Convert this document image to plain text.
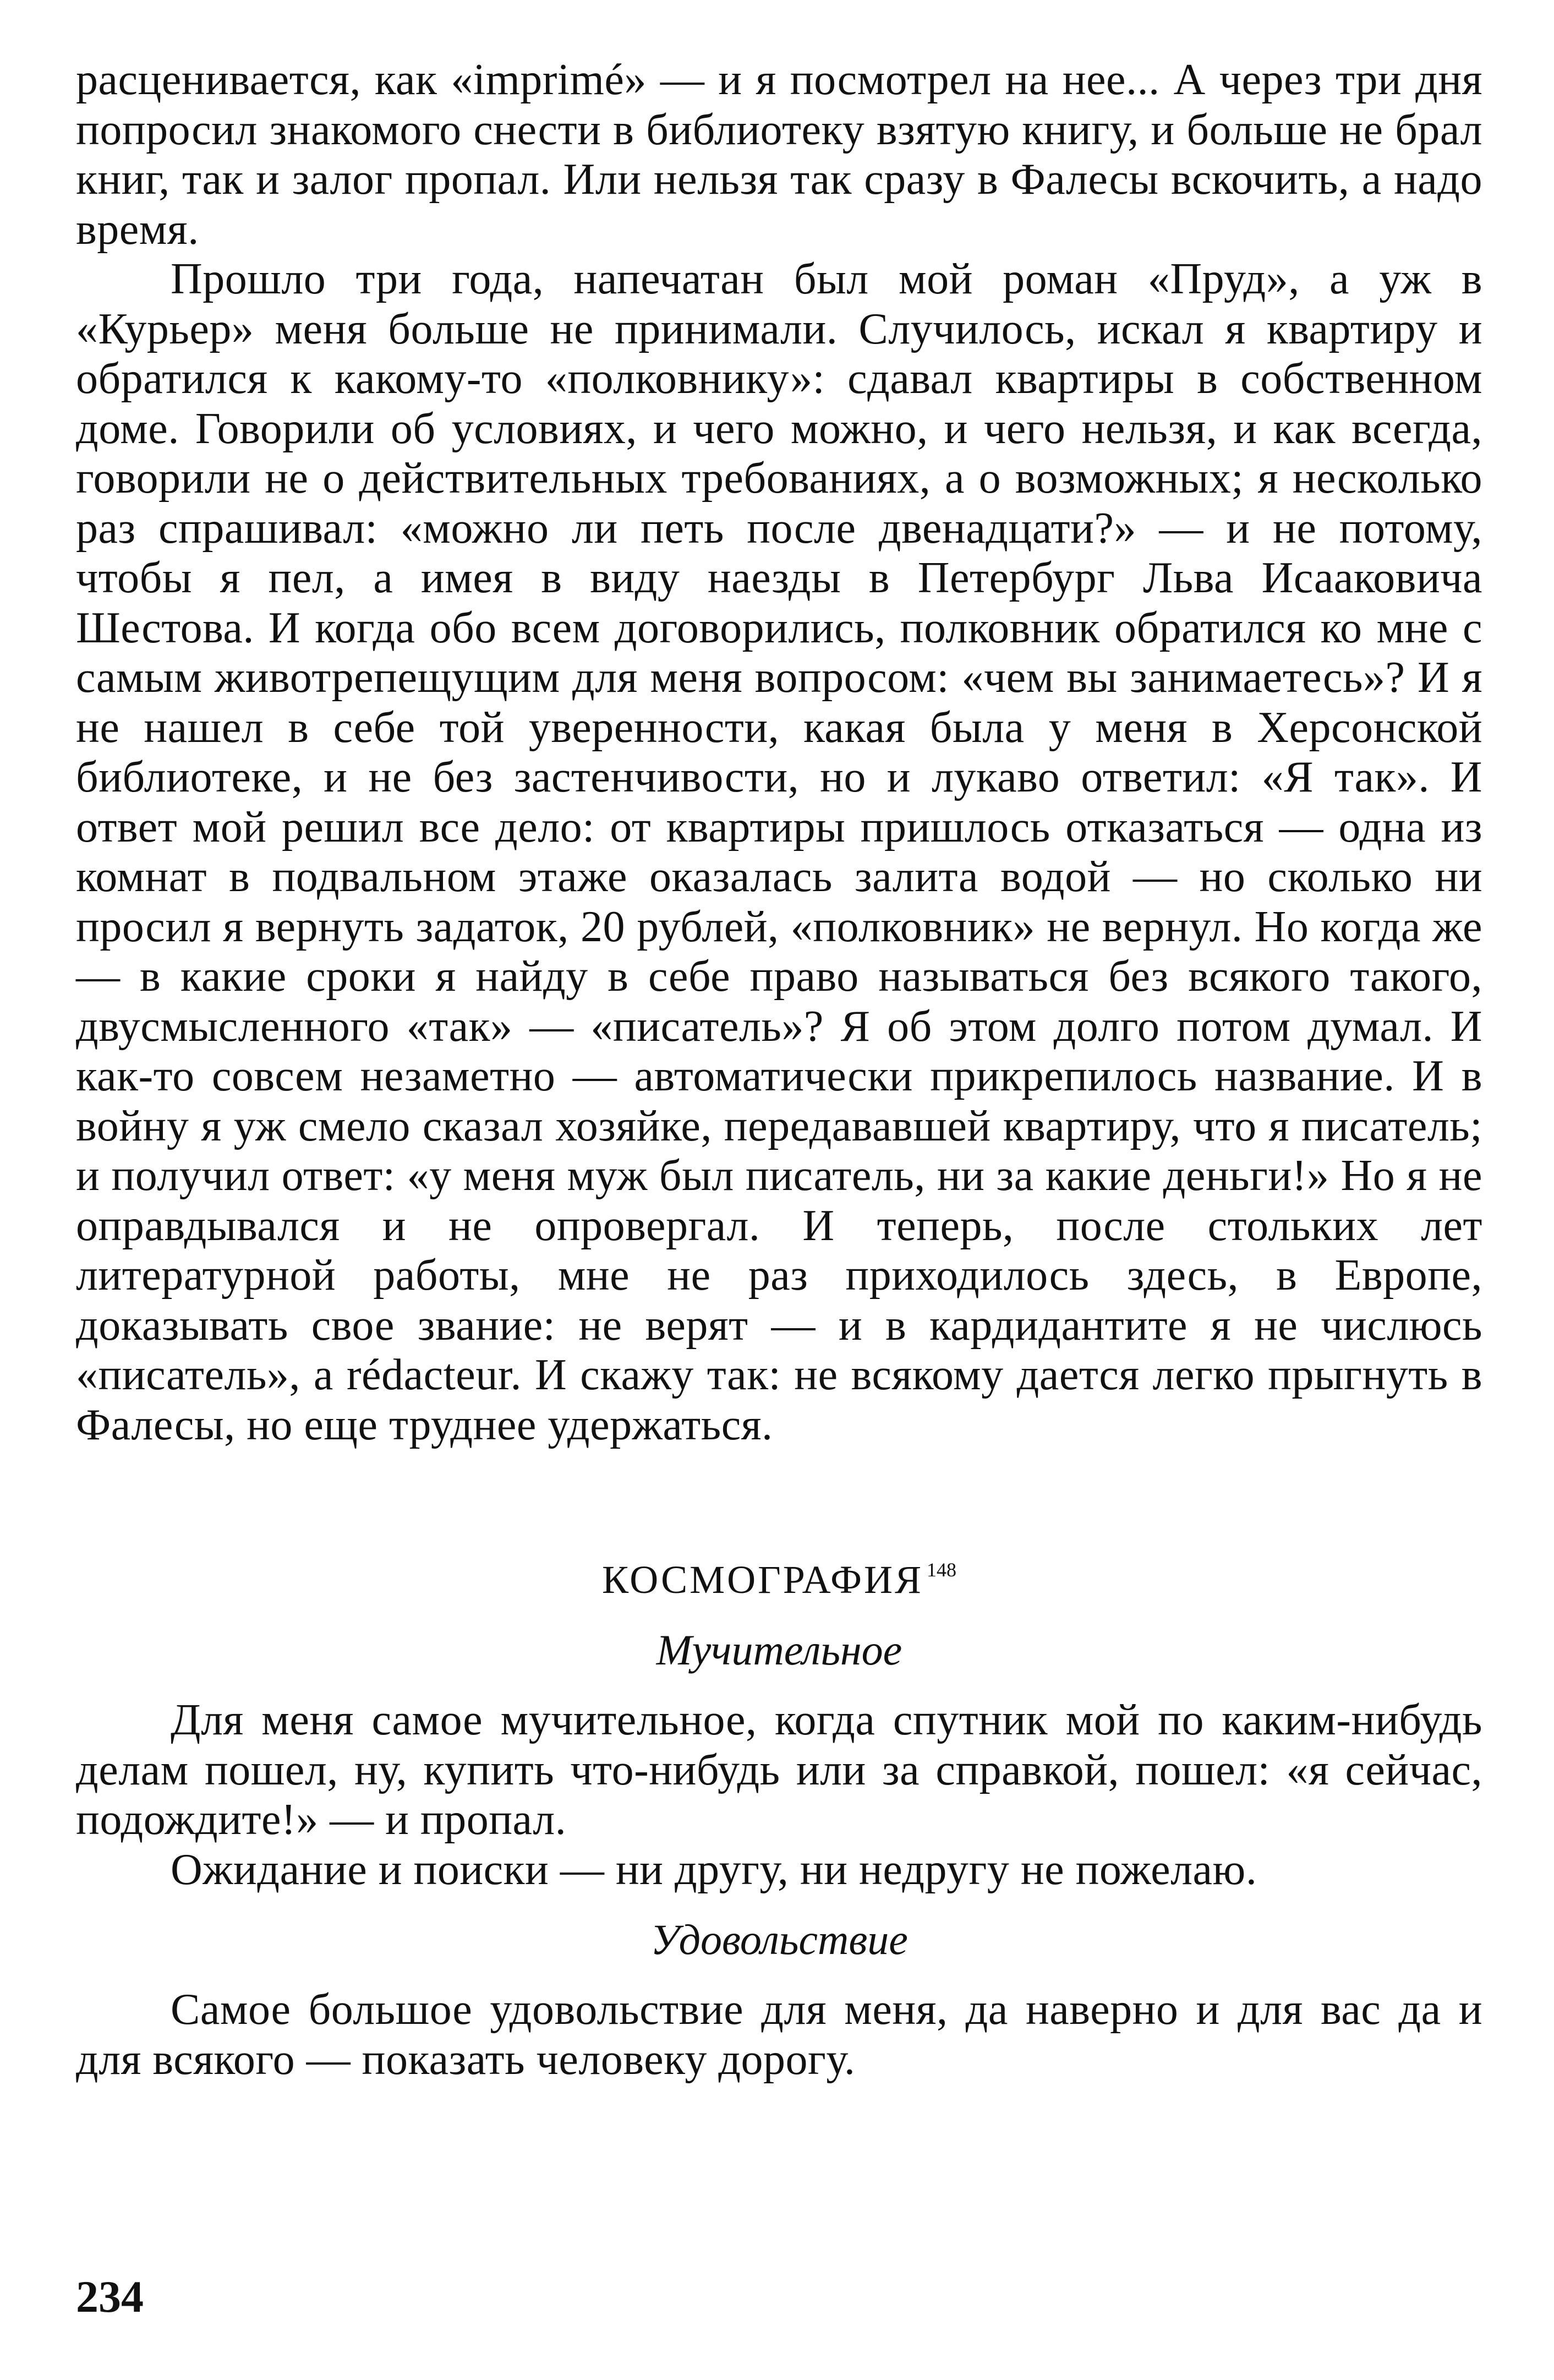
расценивается, как «imprimé» — и я посмотрел на нее... А через три дня попросил знакомого снести в библиотеку взятую книгу, и больше не брал книг, так и залог пропал. Или нельзя так сразу в Фалесы вскочить, а надо время.

Прошло три года, напечатан был мой роман «Пруд», а уж в «Курьер» меня больше не принимали. Случилось, искал я квартиру и обратился к какому-то «полковнику»: сдавал квартиры в собственном доме. Говорили об условиях, и чего можно, и чего нельзя, и как всегда, говорили не о действительных требованиях, а о возможных; я несколько раз спрашивал: «можно ли петь после двенадцати?» — и не потому, чтобы я пел, а имея в виду наезды в Петербург Льва Исааковича Шестова. И когда обо всем договорились, полковник обратился ко мне с самым животрепещущим для меня вопросом: «чем вы занимаетесь»? И я не нашел в себе той уверенности, какая была у меня в Херсонской библиотеке, и не без застенчивости, но и лукаво ответил: «Я так». И ответ мой решил все дело: от квартиры пришлось отказаться — одна из комнат в подвальном этаже оказалась залита водой — но сколько ни просил я вернуть задаток, 20 рублей, «полковник» не вернул. Но когда же — в какие сроки я найду в себе право называться без всякого такого, двусмысленного «так» — «писатель»? Я об этом долго потом думал. И как-то совсем незаметно — автоматически прикрепилось название. И в войну я уж смело сказал хозяйке, передававшей квартиру, что я писатель; и получил ответ: «у меня муж был писатель, ни за какие деньги!» Но я не оправдывался и не опровергал. И теперь, после стольких лет литературной работы, мне не раз приходилось здесь, в Европе, доказывать свое звание: не верят — и в кардидантите я не числюсь «писатель», а rédacteur. И скажу так: не всякому дается легко прыгнуть в Фалесы, но еще труднее удержаться.

КОСМОГРАФИЯ $^{148}$
Мучительное

Для меня самое мучительное, когда спутник мой по каким-нибудь делам пошел, ну, купить что-нибудь или за справкой, пошел: «я сейчас, подождите!» — и пропал.

Ожидание и поиски — ни другу, ни недругу не пожелаю.

Удовольствие

Самое большое удовольствие для меня, да наверно и для вас да и для всякого — показать человеку дорогу.

234
